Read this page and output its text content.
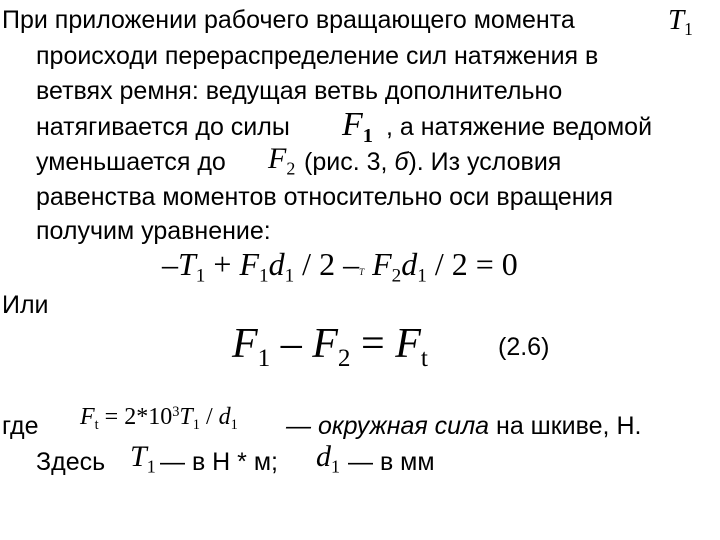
При приложении рабочего вращающего момента	$T_1$
происходи перераспределение сил натяжения в
ветвях ремня: ведущая ветвь дополнительно
натягивается до силы $F_1$ , а натяжение ведомой
уменьшается до $F_2$ (рис. 3, б). Из условия
равенства моментов относительно оси вращения
получим уравнение:
$-T_1 + F_1d_1 / 2$ –T $F_2d_1 / 2 = 0$
Или
$F_1 - F_2 = F_t$	(2.6)
где $F_t = 2*10^3T_1 / d_1$ — окружная сила на шкиве, Н.
Здесь $T_1$ — в Н * м; $d_1$ — в мм
